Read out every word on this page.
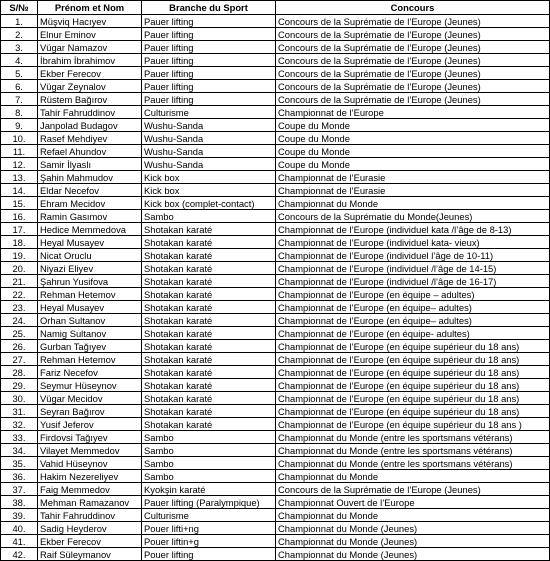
S/№	Prénom et Nom	Branche du Sport	Concours
1.	Müşviq Hacıyev	Pauer lifting	Concours de la Suprématie de l’Europe (Jeunes)
2.	Elnur Eminov	Pauer lifting	Concours de la Suprématie de l’Europe (Jeunes)
3.	Vügar Namazov	Pauer lifting	Concours de la Suprématie de l’Europe (Jeunes)
4.	İbrahim İbrahimov	Pauer lifting	Concours de la Suprématie de l’Europe (Jeunes)
5.	Ekber Ferecov	Pauer lifting	Concours de la Suprématie de l’Europe (Jeunes)
6.	Vügar Zeynalov	Pauer lifting	Concours de la Suprématie de l’Europe (Jeunes)
7.	Rüstem Bağırov	Pauer lifting	Concours de la Suprématie de l’Europe (Jeunes)
8.	Tahir Fahruddinov	Culturisme	Championnat de l’Europe
9.	Janpolad Budagov	Wushu-Sanda	Coupe du Monde
10.	Rasef Mehdiyev	Wushu-Sanda	Coupe du Monde
11.	Refael Ahundov	Wushu-Sanda	Coupe du Monde
12.	Samir İlyaslı	Wushu-Sanda	Coupe du Monde
13.	Şahin Mahmudov	Kick box	Championnat de l’Eurasie
14.	Eldar Necefov	Kick box	Championnat de l’Eurasie
15.	Ehram Mecidov	Kick box (complet-contact)	Championnat du Monde
16.	Ramin Gasımov	Sambo	Concours de la Suprématie du Monde(Jeunes)
17.	Hedice Memmedova	Shotakan karaté	Championnat de l’Europe (individuel kata /l’âge de 8-13)
18.	Heyal Musayev	Shotakan karaté	Championnat de l’Europe (individuel kata- vieux)
19.	Nicat Oruclu	Shotakan karaté	Championnat de l’Europe (individuel l’âge de 10-11)
20.	Niyazi Eliyev	Shotakan karaté	Championnat de l’Europe (individuel /l’âge de 14-15)
21.	Şahrun Yusifova	Shotakan karaté	Championnat de l’Europe (individuel /l’âge de 16-17)
22.	Rehman Hetemov	Shotakan karaté	Championnat de l’Europe (en équipe – adultes)
23.	Heyal Musayev	Shotakan karaté	Championnat de l’Europe (en équipe– adultes)
24.	Orhan Sultanov	Shotakan karaté	Championnat de l’Europe (en équipe– adultes)
25.	Namig Sultanov	Shotakan karaté	Championnat de l’Europe (en équipe- adultes)
26.	Gurban Tağıyev	Shotakan karaté	Championnat de l’Europe (en équipe supérieur du 18 ans)
27.	Rehman Hetemov	Shotakan karaté	Championnat de l’Europe (en équipe supérieur du 18 ans)
28.	Fariz Necefov	Shotakan karaté	Championnat de l’Europe (en équipe supérieur du 18 ans)
29.	Seymur Hüseynov	Shotakan karaté	Championnat de l’Europe (en équipe supérieur du 18 ans)
30.	Vügar Mecidov	Shotakan karaté	Championnat de l’Europe (en équipe supérieur du 18 ans)
31.	Seyran Bağırov	Shotakan karaté	Championnat de l’Europe (en équipe supérieur du 18 ans)
32.	Yusif Jeferov	Shotakan karaté	Championnat de l’Europe (en équipe supérieur du 18 ans )
33.	Firdovsi Tağıyev	Sambo	Championnat du Monde (entre les sportsmans vétérans)
34.	Vilayet Memmedov	Sambo	Championnat du Monde (entre les sportsmans vétérans)
35.	Vahid Hüseynov	Sambo	Championnat du Monde (entre les sportsmans vétérans)
36.	Hakim Nezereliyev	Sambo	Championnat du Monde
37.	Faig Memmedov	Kyokşin karaté	Concours de la Suprématie de l’Europe (Jeunes)
38.	Mehman Ramazanov	Pauer lifting (Paralympique)	Championnat Ouvert de l’Europe
39.	Tahir Fahruddinov	Culturisme	Championnat du Monde
40.	Sadig Heyderov	Pouer lifti+ng	Championnat du Monde (Jeunes)
41.	Ekber Ferecov	Pouer liftin+g	Championnat du Monde (Jeunes)
42.	Raif Süleymanov	Pouer lifting	Championnat du Monde (Jeunes)
